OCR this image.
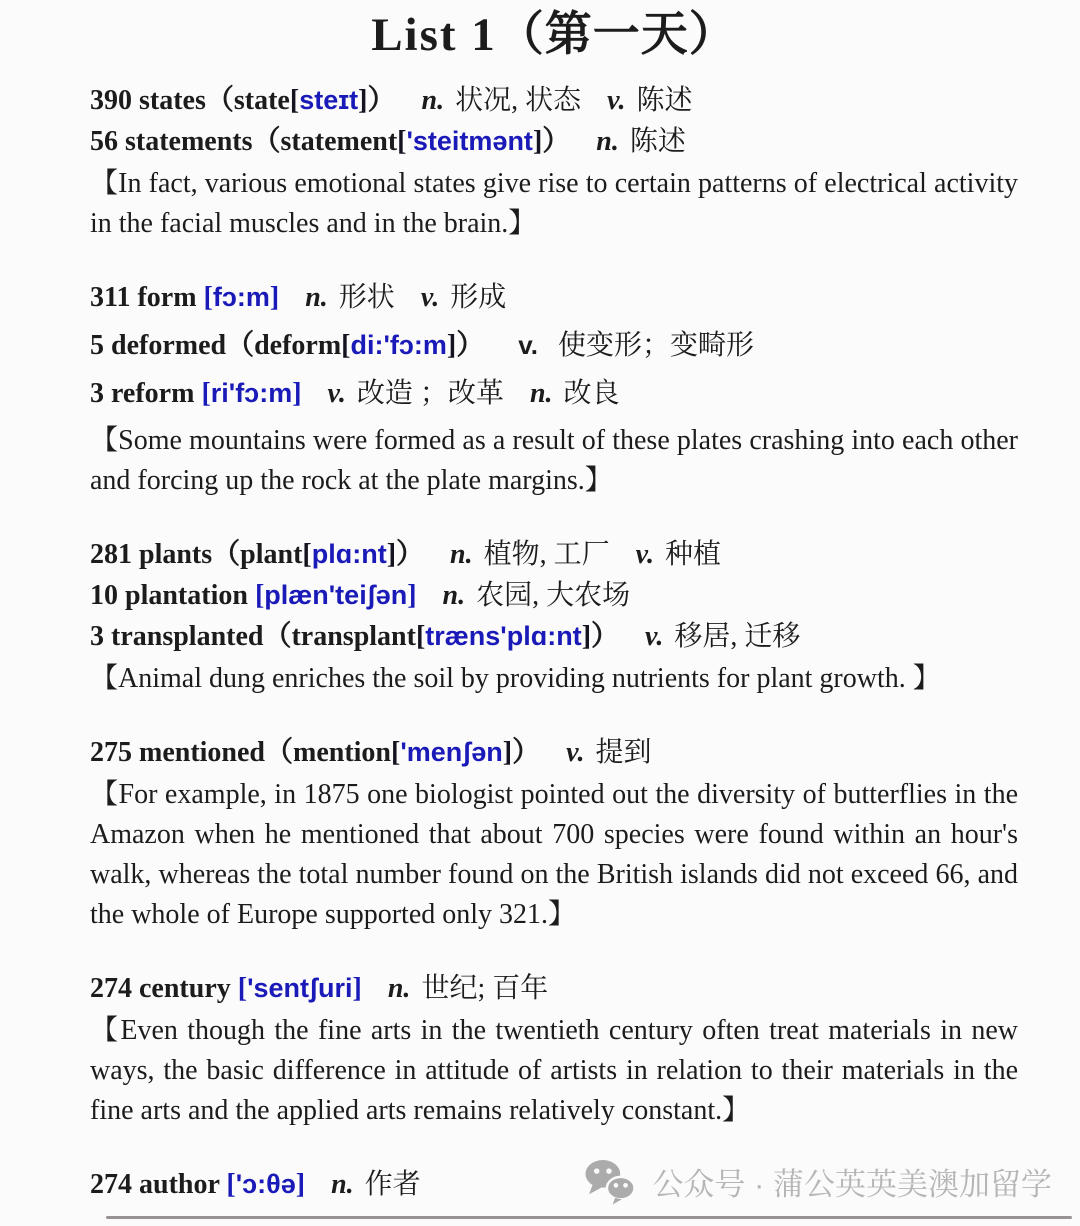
List 1（第一天）
390 states（state[steɪt]） n. 状况, 状态 v. 陈述
56 statements（statement['steitmənt]） n. 陈述

【In fact, various emotional states give rise to certain patterns of electrical activity in the facial muscles and in the brain.】

311 form [fɔ:m] n. 形状 v. 形成
5 deformed（deform[di:'fɔ:m]） v. 使变形；变畸形
3 reform [ri'fɔ:m] v. 改造 ；改革 n. 改良

【Some mountains were formed as a result of these plates crashing into each other and forcing up the rock at the plate margins.】

281 plants（plant[plɑ:nt]） n. 植物, 工厂 v. 种植
10 plantation [plæn'teiʃən] n. 农园, 大农场
3 transplanted（transplant[træns'plɑ:nt]） v. 移居, 迁移

【Animal dung enriches the soil by providing nutrients for plant growth. 】

275 mentioned（mention['menʃən]） v. 提到

【For example, in 1875 one biologist pointed out the diversity of butterflies in the Amazon when he mentioned that about 700 species were found within an hour's walk, whereas the total number found on the British islands did not exceed 66, and the whole of Europe supported only 321.】

274 century ['sentʃuri] n. 世纪; 百年

【Even though the fine arts in the twentieth century often treat materials in new ways, the basic difference in attitude of artists in relation to their materials in the fine arts and the applied arts remains relatively constant.】

274 author ['ɔ:θə] n. 作者	公众号 · 蒲公英英美澳加留学
